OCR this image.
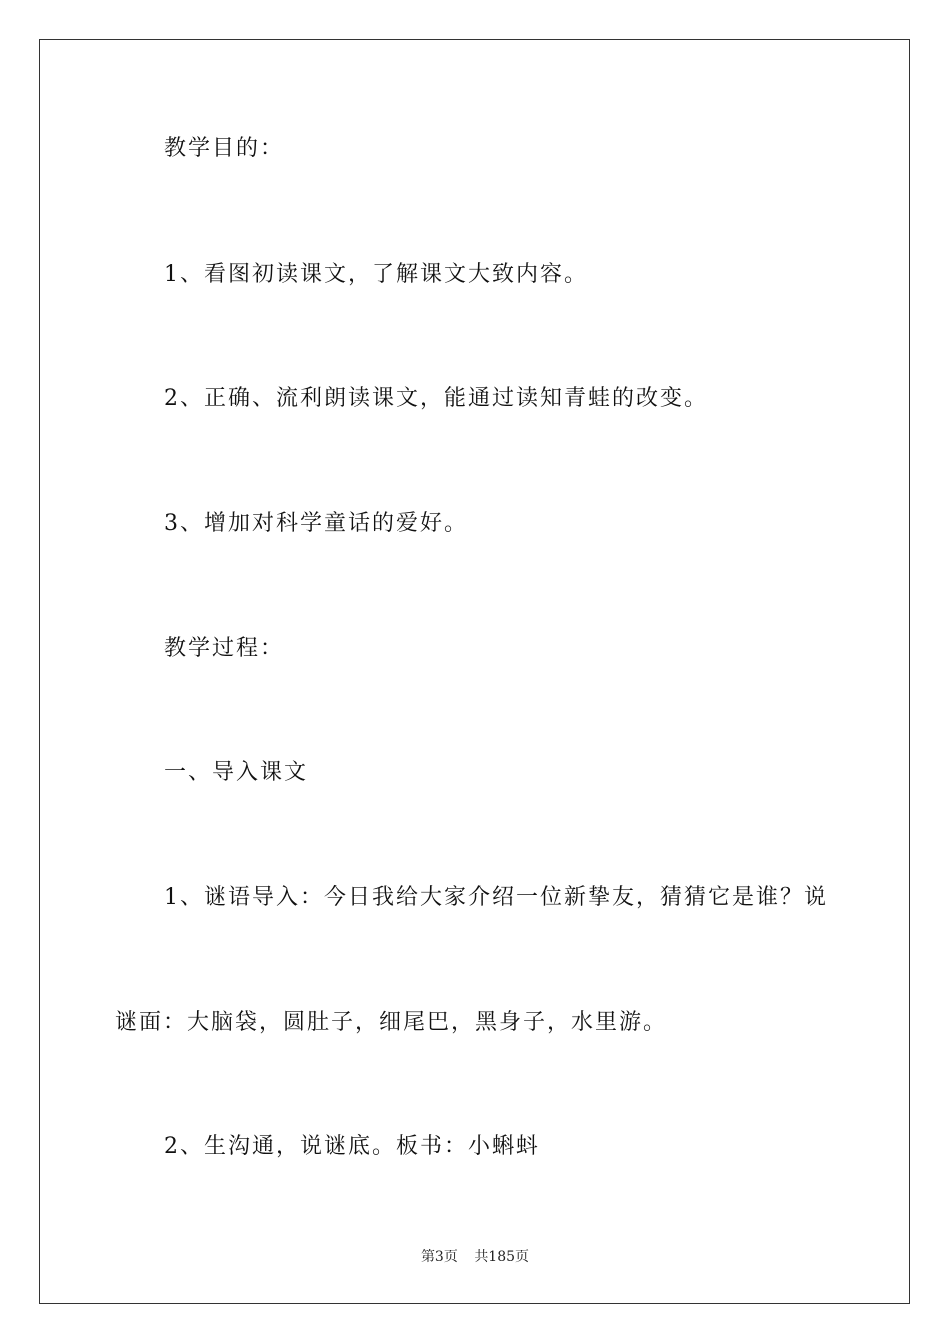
教学目的：
1、看图初读课文，了解课文大致内容。
2、正确、流利朗读课文，能通过读知青蛙的改变。
3、增加对科学童话的爱好。
教学过程：
一、导入课文
1、谜语导入：今日我给大家介绍一位新挚友，猜猜它是谁？说
谜面：大脑袋，圆肚子，细尾巴，黑身子，水里游。
2、生沟通，说谜底。板书：小蝌蚪
第3页 共185页
